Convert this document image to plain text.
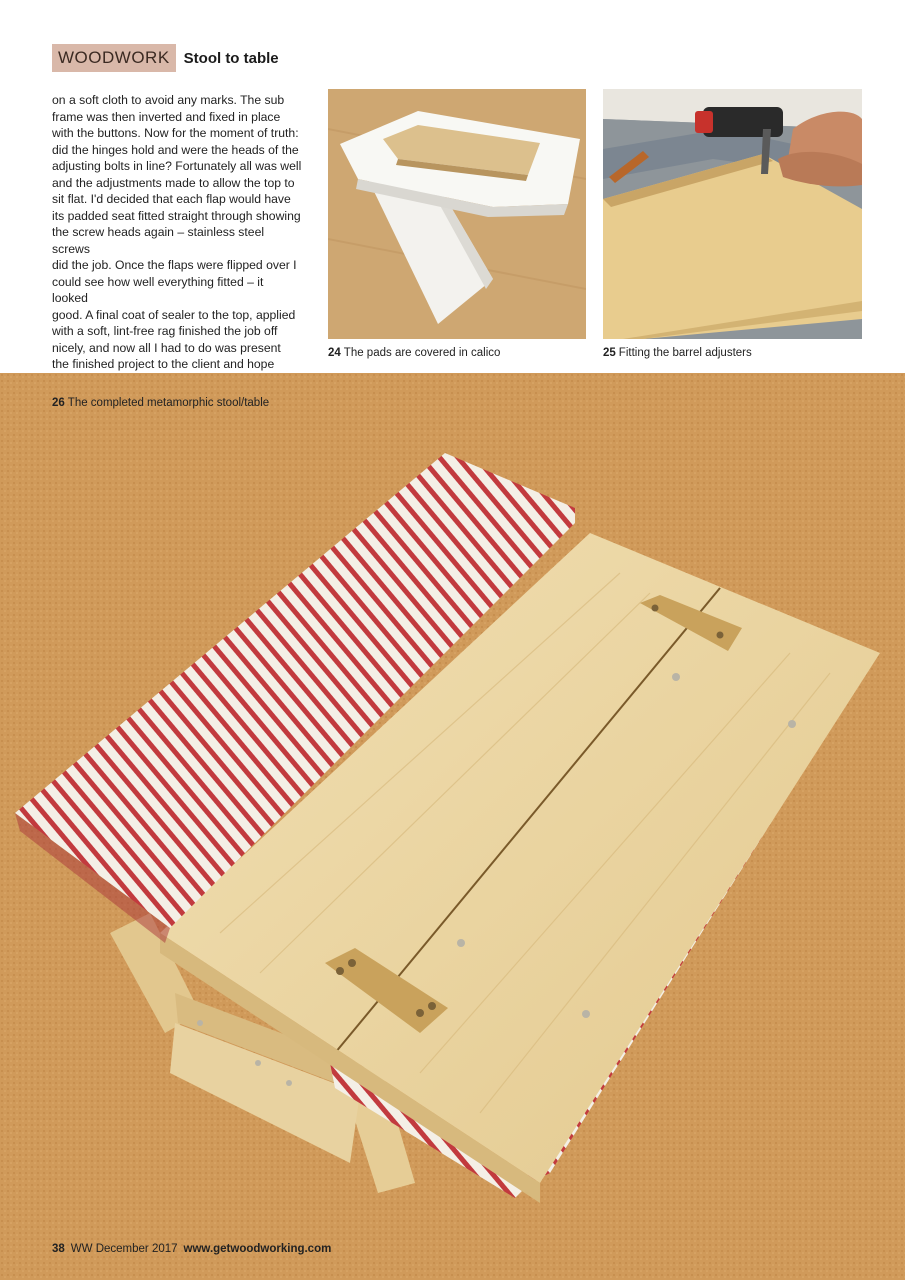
WOODWORK Stool to table
on a soft cloth to avoid any marks. The sub
frame was then inverted and fixed in place
with the buttons. Now for the moment of truth:
did the hinges hold and were the heads of the
adjusting bolts in line? Fortunately all was well
and the adjustments made to allow the top to
sit flat. I'd decided that each flap would have
its padded seat fitted straight through showing
the screw heads again – stainless steel screws
did the job. Once the flaps were flipped over I
could see how well everything fitted – it looked
good. A final coat of sealer to the top, applied
with a soft, lint-free rag finished the job off
nicely, and now all I had to do was present
the finished project to the client and hope
24 The pads are covered in calico	25 Fitting the barrel adjusters
26 The completed metamorphic stool/table
38 WW December 2017 www.getwoodworking.com
